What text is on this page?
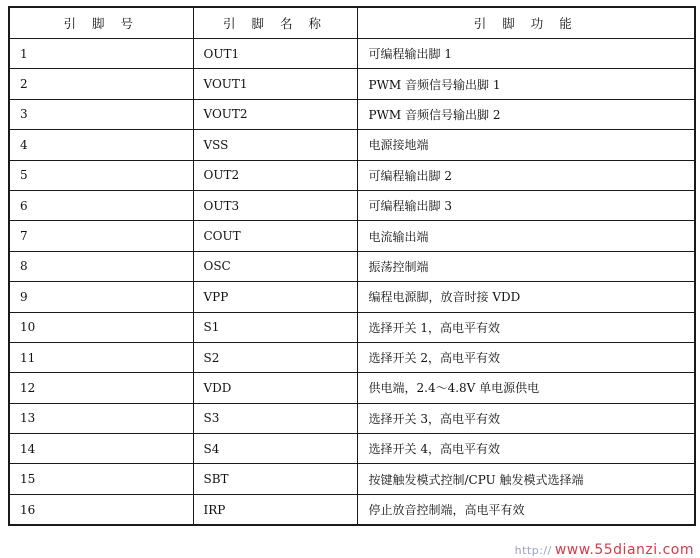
引 脚 号	引 脚 名 称	引 脚 功 能
1	OUT1	可编程输出脚 1
2	VOUT1	PWM 音频信号输出脚 1
3	VOUT2	PWM 音频信号输出脚 2
4	VSS	电源接地端
5	OUT2	可编程输出脚 2
6	OUT3	可编程输出脚 3
7	COUT	电流输出端
8	OSC	振荡控制端
9	VPP	编程电源脚，放音时接 VDD
10	S1	选择开关 1，高电平有效
11	S2	选择开关 2，高电平有效
12	VDD	供电端，2.4～4.8V 单电源供电
13	S3	选择开关 3，高电平有效
14	S4	选择开关 4，高电平有效
15	SBT	按键触发模式控制/CPU 触发模式选择端
16	IRP	停止放音控制端，高电平有效
http:// www.55dianzi.com
